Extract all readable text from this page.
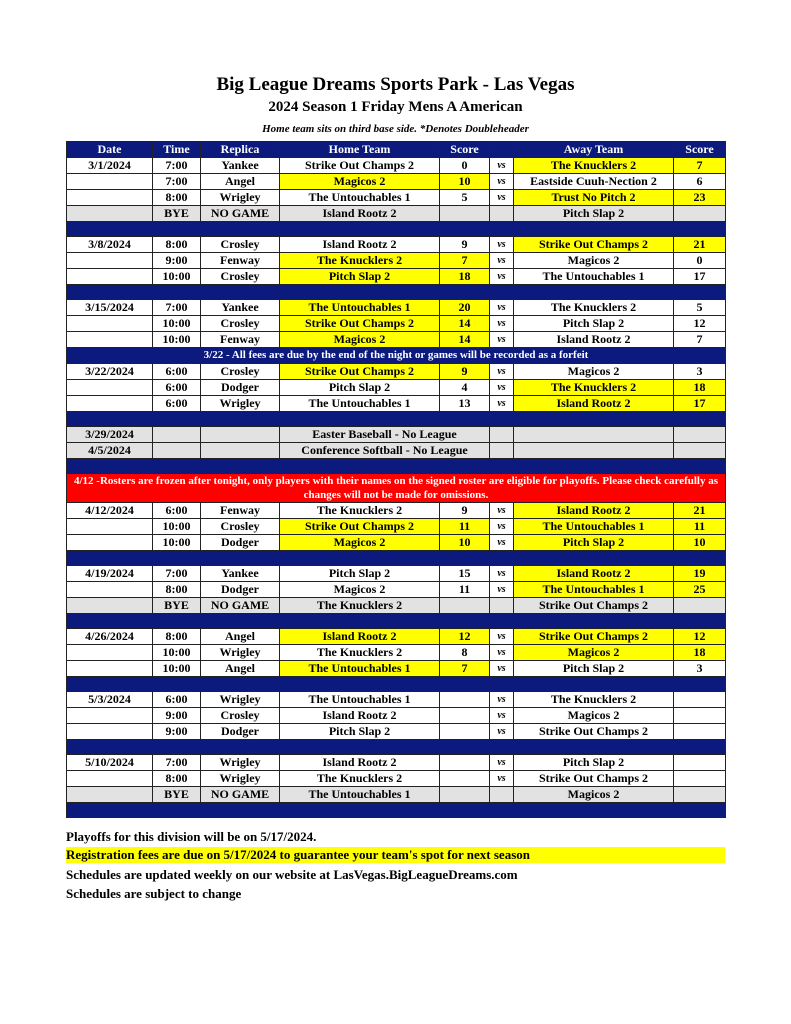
Big League Dreams Sports Park - Las Vegas
2024 Season 1 Friday Mens A American
Home team sits on third base side. *Denotes Doubleheader
Date	Time	Replica	Home Team	Score		Away Team	Score
3/1/2024	7:00	Yankee	Strike Out Champs 2	0	vs	The Knucklers 2	7
	7:00	Angel	Magicos 2	10	vs	Eastside Cuuh-Nection 2	6
	8:00	Wrigley	The Untouchables 1	5	vs	Trust No Pitch 2	23
	BYE	NO GAME	Island Rootz 2			Pitch Slap 2	

3/8/2024	8:00	Crosley	Island Rootz 2	9	vs	Strike Out Champs 2	21
	9:00	Fenway	The Knucklers 2	7	vs	Magicos 2	0
	10:00	Crosley	Pitch Slap 2	18	vs	The Untouchables 1	17

3/15/2024	7:00	Yankee	The Untouchables 1	20	vs	The Knucklers 2	5
	10:00	Crosley	Strike Out Champs 2	14	vs	Pitch Slap 2	12
	10:00	Fenway	Magicos 2	14	vs	Island Rootz 2	7
3/22 - All fees are due by the end of the night or games will be recorded as a forfeit							
3/22/2024	6:00	Crosley	Strike Out Champs 2	9	vs	Magicos 2	3
	6:00	Dodger	Pitch Slap 2	4	vs	The Knucklers 2	18
	6:00	Wrigley	The Untouchables 1	13	vs	Island Rootz 2	17

3/29/2024			Easter Baseball - No League				
4/5/2024			Conference Softball - No League				

4/12 -Rosters are frozen after tonight, only players with their names on the signed roster are eligible for playoffs. Please check carefully as changes will not be made for omissions.							
4/12/2024	6:00	Fenway	The Knucklers 2	9	vs	Island Rootz 2	21
	10:00	Crosley	Strike Out Champs 2	11	vs	The Untouchables 1	11
	10:00	Dodger	Magicos 2	10	vs	Pitch Slap 2	10

4/19/2024	7:00	Yankee	Pitch Slap 2	15	vs	Island Rootz 2	19
	8:00	Dodger	Magicos 2	11	vs	The Untouchables 1	25
	BYE	NO GAME	The Knucklers 2			Strike Out Champs 2	

4/26/2024	8:00	Angel	Island Rootz 2	12	vs	Strike Out Champs 2	12
	10:00	Wrigley	The Knucklers 2	8	vs	Magicos 2	18
	10:00	Angel	The Untouchables 1	7	vs	Pitch Slap 2	3

5/3/2024	6:00	Wrigley	The Untouchables 1		vs	The Knucklers 2	
	9:00	Crosley	Island Rootz 2		vs	Magicos 2	
	9:00	Dodger	Pitch Slap 2		vs	Strike Out Champs 2	

5/10/2024	7:00	Wrigley	Island Rootz 2		vs	Pitch Slap 2	
	8:00	Wrigley	The Knucklers 2		vs	Strike Out Champs 2	
	BYE	NO GAME	The Untouchables 1			Magicos 2	

Playoffs for this division will be on 5/17/2024.
Registration fees are due on 5/17/2024 to guarantee your team's spot for next season
Schedules are updated weekly on our website at LasVegas.BigLeagueDreams.com
Schedules are subject to change
